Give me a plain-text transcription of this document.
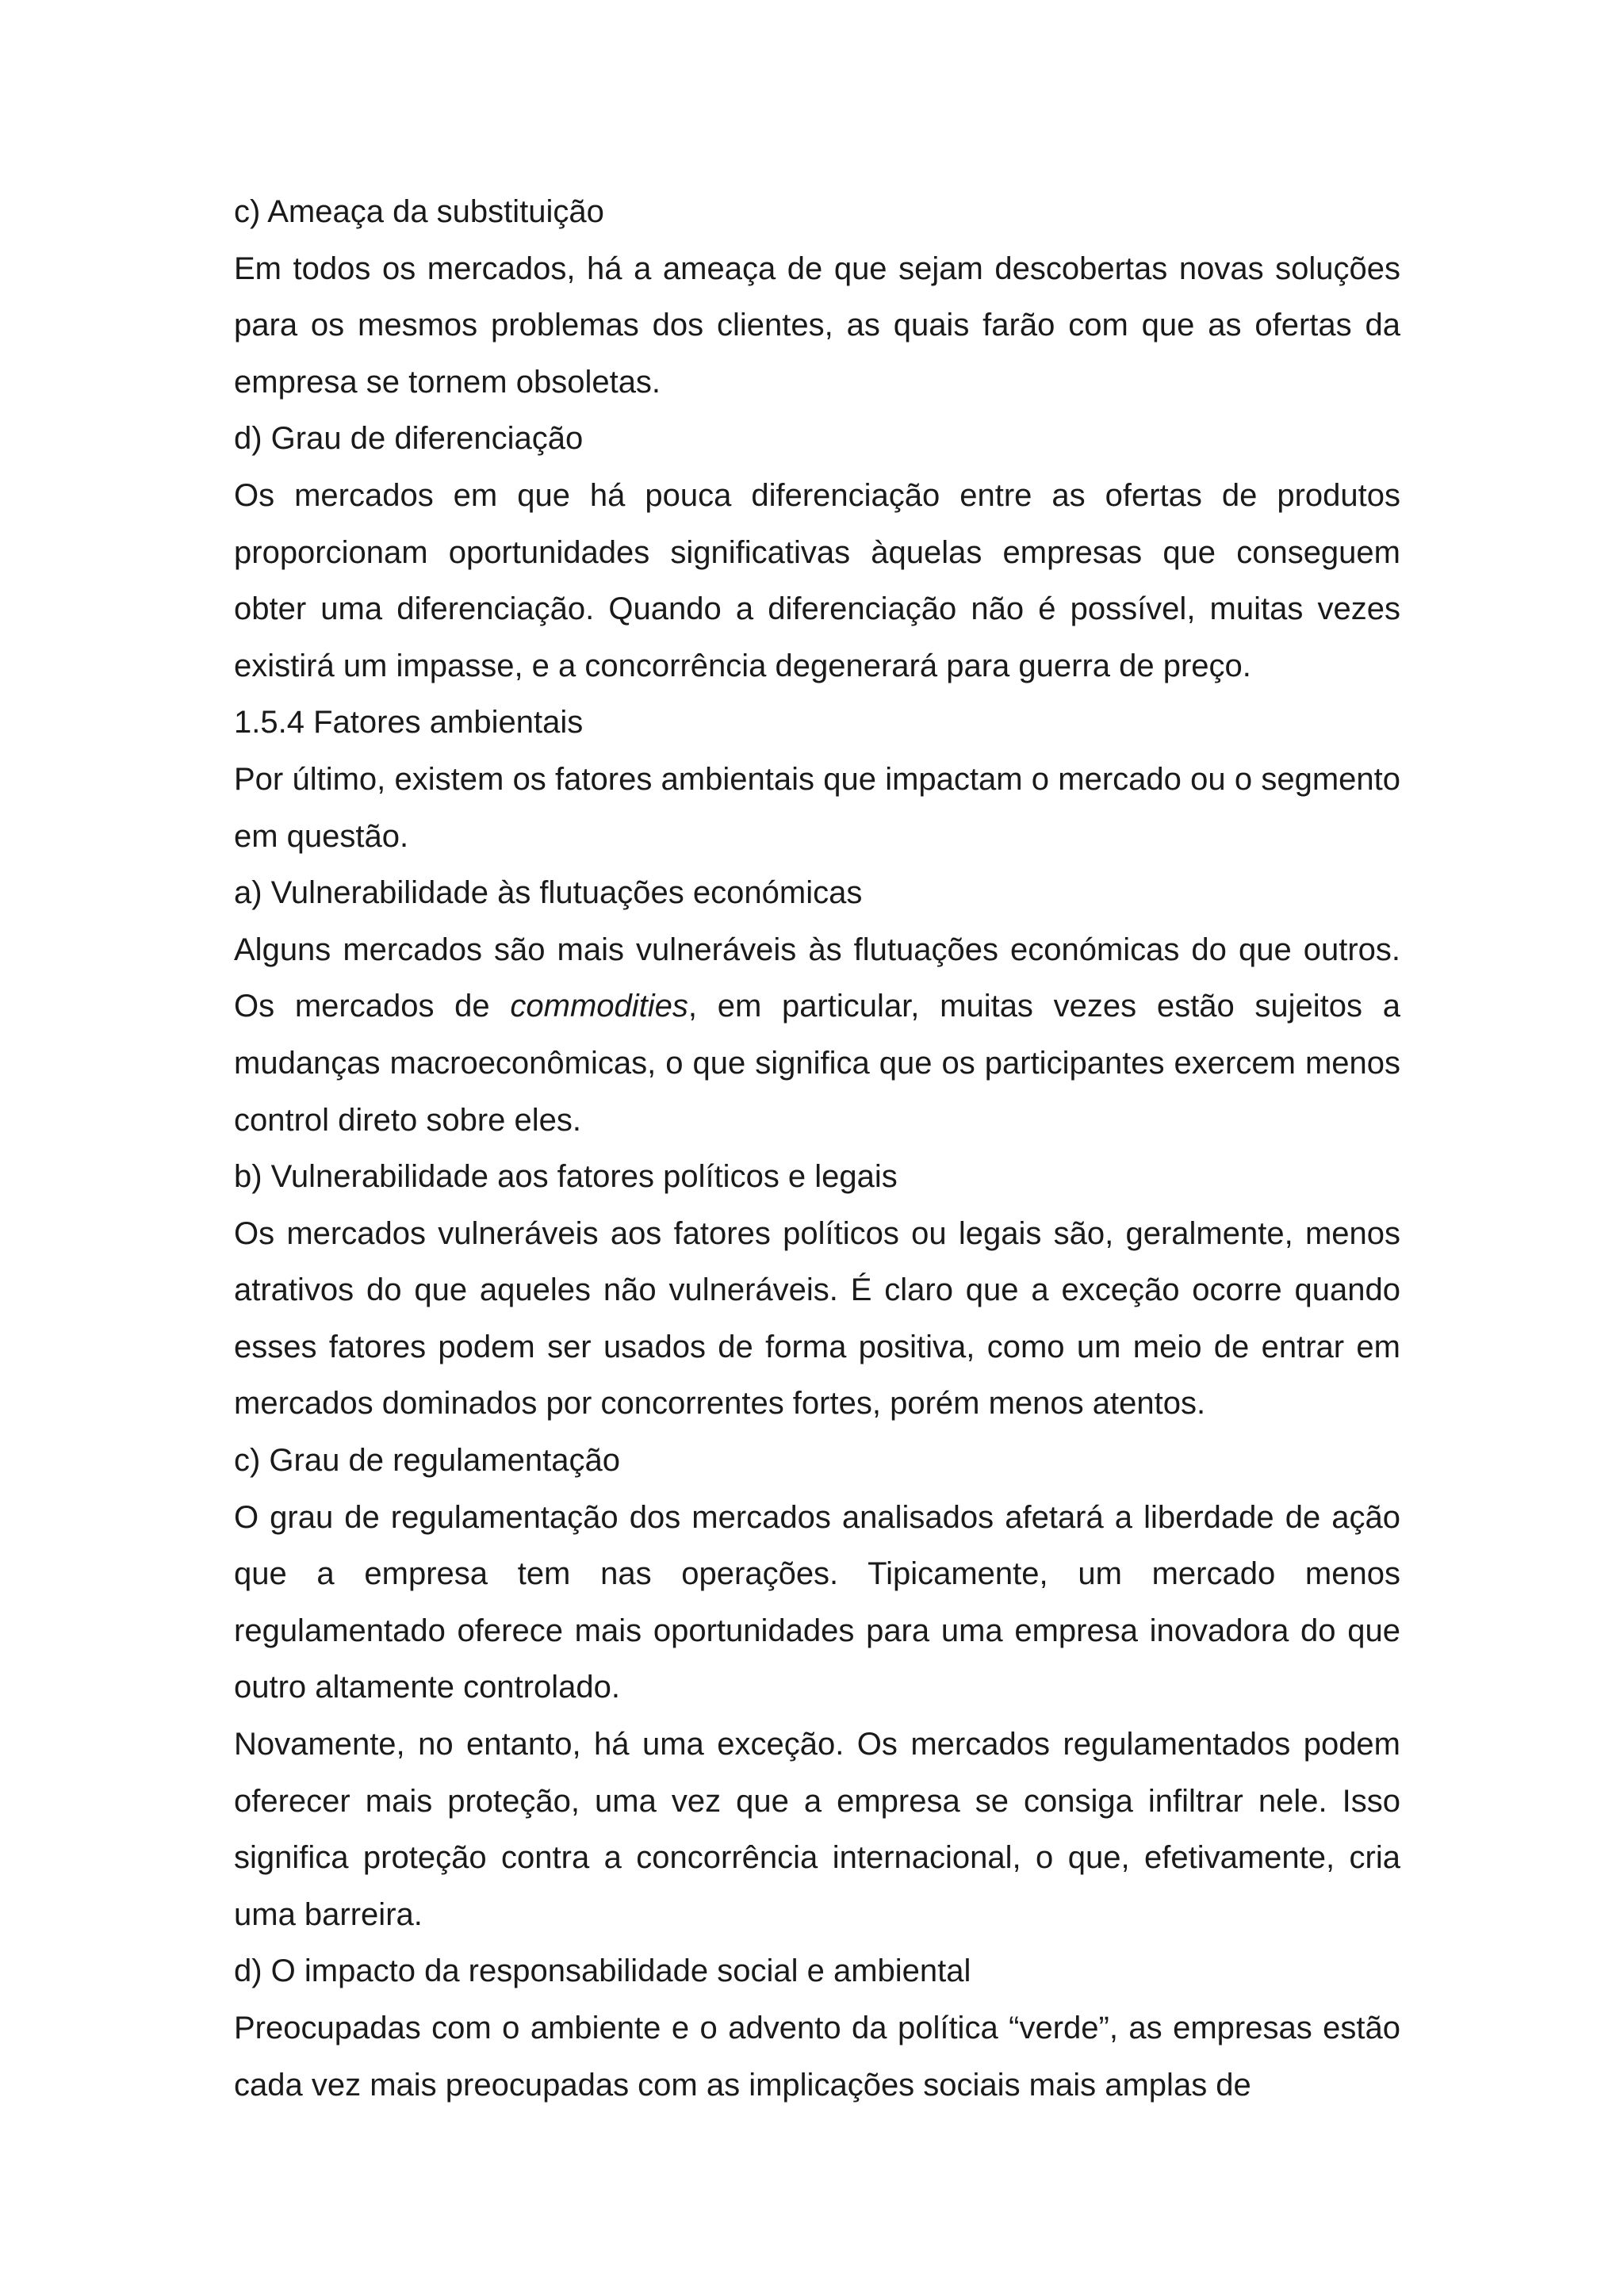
c) Ameaça da substituição

Em todos os mercados, há a ameaça de que sejam descobertas novas soluções para os mesmos problemas dos clientes, as quais farão com que as ofertas da empresa se tornem obsoletas.

d) Grau de diferenciação

Os mercados em que há pouca diferenciação entre as ofertas de produtos proporcionam oportunidades significativas àquelas empresas que conseguem obter uma diferenciação. Quando a diferenciação não é possível, muitas vezes existirá um impasse, e a concorrência degenerará para guerra de preço.

1.5.4 Fatores ambientais

Por último, existem os fatores ambientais que impactam o mercado ou o segmento em questão.

a) Vulnerabilidade às flutuações económicas

Alguns mercados são mais vulneráveis às flutuações económicas do que outros. Os mercados de commodities, em particular, muitas vezes estão sujeitos a mudanças macroeconômicas, o que significa que os participantes exercem menos control direto sobre eles.

b) Vulnerabilidade aos fatores políticos e legais

Os mercados vulneráveis aos fatores políticos ou legais são, geralmente, menos atrativos do que aqueles não vulneráveis. É claro que a exceção ocorre quando esses fatores podem ser usados de forma positiva, como um meio de entrar em mercados dominados por concorrentes fortes, porém menos atentos.

c) Grau de regulamentação

O grau de regulamentação dos mercados analisados afetará a liberdade de ação que a empresa tem nas operações. Tipicamente, um mercado menos regulamentado oferece mais oportunidades para uma empresa inovadora do que outro altamente controlado.

Novamente, no entanto, há uma exceção. Os mercados regulamentados podem oferecer mais proteção, uma vez que a empresa se consiga infiltrar nele. Isso significa proteção contra a concorrência internacional, o que, efetivamente, cria uma barreira.

d) O impacto da responsabilidade social e ambiental

Preocupadas com o ambiente e o advento da política “verde”, as empresas estão cada vez mais preocupadas com as implicações sociais mais amplas de
